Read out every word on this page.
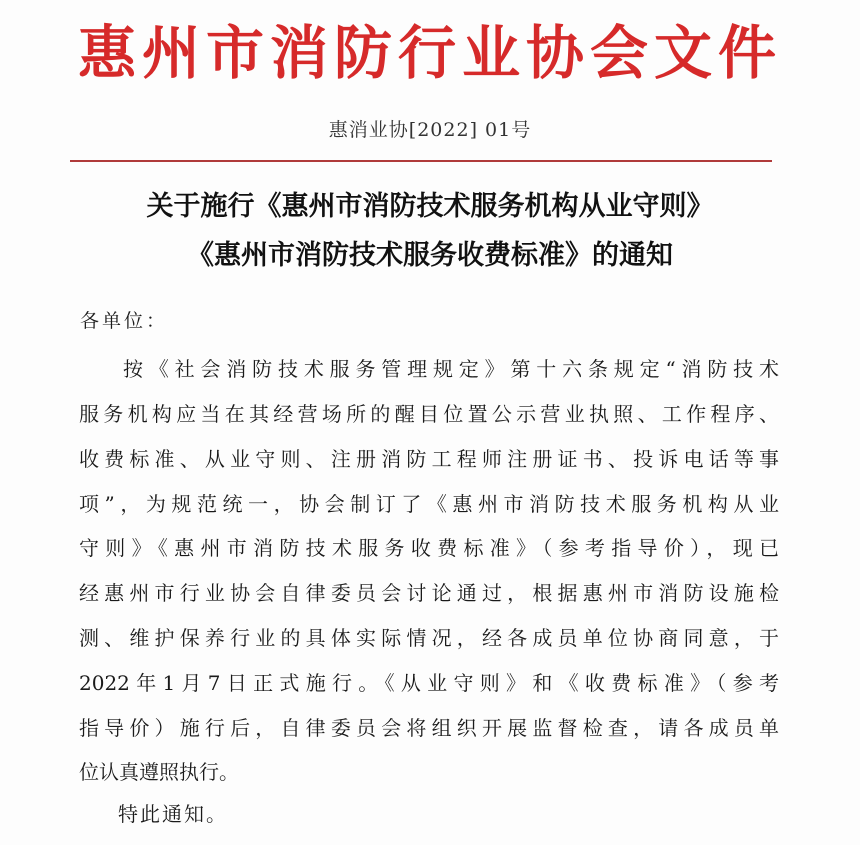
惠州市消防行业协会文件
惠消业协[2022] 01号
关于施行《惠州市消防技术服务机构从业守则》
《惠州市消防技术服务收费标准》的通知
各单位：
按《社会消防技术服务管理规定》第十六条规定“消防技术
服务机构应当在其经营场所的醒目位置公示营业执照、工作程序、
收费标准、从业守则、注册消防工程师注册证书、投诉电话等事
项”，为规范统一，协会制订了《惠州市消防技术服务机构从业
守则》《惠州市消防技术服务收费标准》（参考指导价），现已
经惠州市行业协会自律委员会讨论通过，根据惠州市消防设施检
测、维护保养行业的具体实际情况，经各成员单位协商同意，于
2022年1月7日正式施行。《从业守则》和《收费标准》（参考
指导价）施行后，自律委员会将组织开展监督检查，请各成员单
位认真遵照执行。
特此通知。
